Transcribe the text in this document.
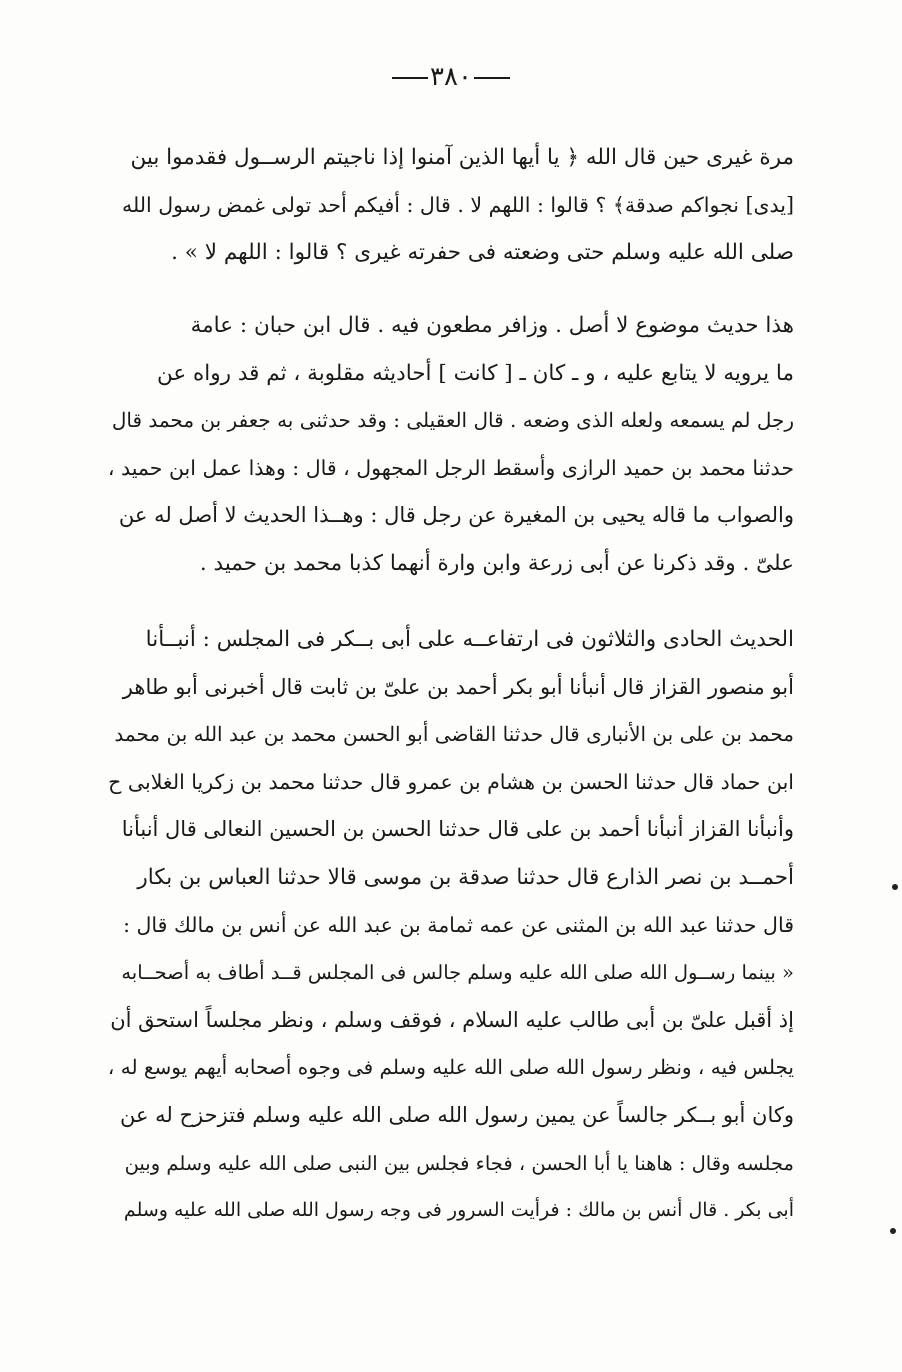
٣٨٠
مرة غيرى حين قال الله ﴿ يا أيها الذين آمنوا إذا ناجيتم الرســول فقدموا بين
[يدى] نجواكم صدقة﴾ ؟ قالوا : اللهم لا . قال : أفيكم أحد تولى غمض رسول الله
صلى الله عليه وسلم حتى وضعته فى حفرته غيرى ؟ قالوا : اللهم لا » .
هذا حديث موضوع لا أصل . وزافر مطعون فيه . قال ابن حبان : عامة
ما يرويه لا يتابع عليه ، و ـ كان ـ [ كانت ] أحاديثه مقلوبة ، ثم قد رواه عن
رجل لم يسمعه ولعله الذى وضعه . قال العقيلى : وقد حدثنى به جعفر بن محمد قال
حدثنا محمد بن حميد الرازى وأسقط الرجل المجهول ، قال : وهذا عمل ابن حميد ،
والصواب ما قاله يحيى بن المغيرة عن رجل قال : وهــذا الحديث لا أصل له عن
علىّ . وقد ذكرنا عن أبى زرعة وابن وارة أنهما كذبا محمد بن حميد .
الحديث الحادى والثلاثون فى ارتفاعــه على أبى بــكر فى المجلس : أنبــأنا
أبو منصور القزاز قال أنبأنا أبو بكر أحمد بن علىّ بن ثابت قال أخبرنى أبو طاهر
محمد بن على بن الأنبارى قال حدثنا القاضى أبو الحسن محمد بن عبد الله بن محمد
ابن حماد قال حدثنا الحسن بن هشام بن عمرو قال حدثنا محمد بن زكريا الغلابى ح
وأنبأنا القزاز أنبأنا أحمد بن على قال حدثنا الحسن بن الحسين النعالى قال أنبأنا
أحمــد بن نصر الذارع قال حدثنا صدقة بن موسى قالا حدثنا العباس بن بكار
قال حدثنا عبد الله بن المثنى عن عمه ثمامة بن عبد الله عن أنس بن مالك قال :
« بينما رســول الله صلى الله عليه وسلم جالس فى المجلس قــد أطاف به أصحــابه
إذ أقبل علىّ بن أبى طالب عليه السلام ، فوقف وسلم ، ونظر مجلساً استحق أن
يجلس فيه ، ونظر رسول الله صلى الله عليه وسلم فى وجوه أصحابه أيهم يوسع له ،
وكان أبو بــكر جالساً عن يمين رسول الله صلى الله عليه وسلم فتزحزح له عن
مجلسه وقال : هاهنا يا أبا الحسن ، فجاء فجلس بين النبى صلى الله عليه وسلم وبين
أبى بكر . قال أنس بن مالك : فرأيت السرور فى وجه رسول الله صلى الله عليه وسلم
